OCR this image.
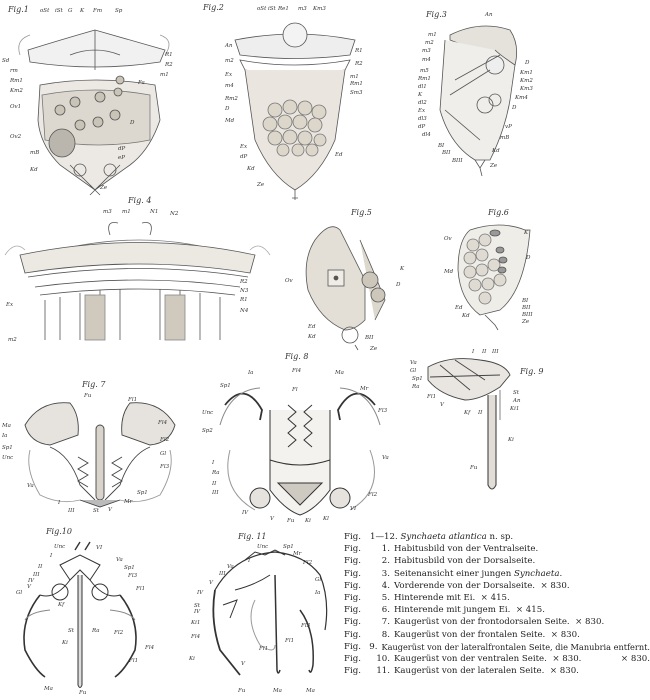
Fig.1
Sd
rm
Rm1
Km2
Ov1
Ov2
mB
Kd
R1
R2
m1
Fa
D
dP
eP
Ze
oSt iSt G K Fm Sp	Fig.2	oSt iSt Re1 m3 Km3
An
m2
Ex
m4
Rm2
D
Md
Ex
dP
Kd
Ze
R1
R2
m1
Rm1
Sm3
Ed
Fig.3	An
m1
m2
m3
m4
m5
Rm1
dl1
K
dl2
Ex
dl3
dP
dl4
BI
BII
BIII
D
Km1
Km2
Km3
Km4
D
vP
mB
Kd
Ze
Fig. 4
m3 m1	N1 N2
Ex
m2
R2
N3
R1
N4
Fig.5
Ov
Ed
Kd
K
D
BII
Ze
Fig.6
Ov
Md
Ed
Kd
K
D
BI
BII
BIII
Ze
Fig. 7
Fu
Ma
Ia
Sp1
Unc
Va
I
III	St
Fl1
Fl4
Fl2
Gl
Fl3
Sp1
Mr
V
Fig. 8
Ia	Fl4	Ma
Fl	Mr
Sp1
Unc
Sp2
I
Ra
II
III
IV
V
Fl3
Va
Fl2
VI
Kl
Fu Ki
Fig. 9
I II III
Va
Gl
Sp1
Ra
Fl1
V
Kf II
St
An
Ki1
Ki
Fu
Fig.10
Unc
I
VI
II
III
IV
V
Gl
Kf
St
Ki
Ma
Va
Sp1
Fl3
Fl1
Ra	Fl2
Fl4
Fl1
Fu
Fig. 11
Unc	Sp1
Mr
Fl2
I
Va
III
V
IV
St
IV
Ki1
Fl4
Ki
Gl
Ia
Fl3
Fl1
Fl1
V
Fu	Ma	Ma
Fig.	1—12.
Synchaeta atlantica n. sp.
Fig.	1. Habitusbild von der Ventralseite.
Fig.	2. Habitusbild von der Dorsalseite.
Fig.	3. Seitenansicht einer jungen Synchaeta .
Fig.	4. Vorderende von der Dorsalseite.  ⨯ 830.
Fig.	5. Hinterende mit Ei.  ⨯ 415.
Fig.	6. Hinterende mit jungem Ei.  ⨯ 415.
Fig.	7. Kaugerüst von der frontodorsalen Seite.  ⨯ 830.
Fig.	8. Kaugerüst von der frontalen Seite.  ⨯ 830.
Fig. 9. Kaugerüst von der lateralfrontalen Seite, die Manubria entfernt.
Fig.	10. Kaugerüst von der ventralen Seite.  ⨯ 830.	⨯ 830.
Fig.	11. Kaugerüst von der lateralen Seite.  ⨯ 830.
